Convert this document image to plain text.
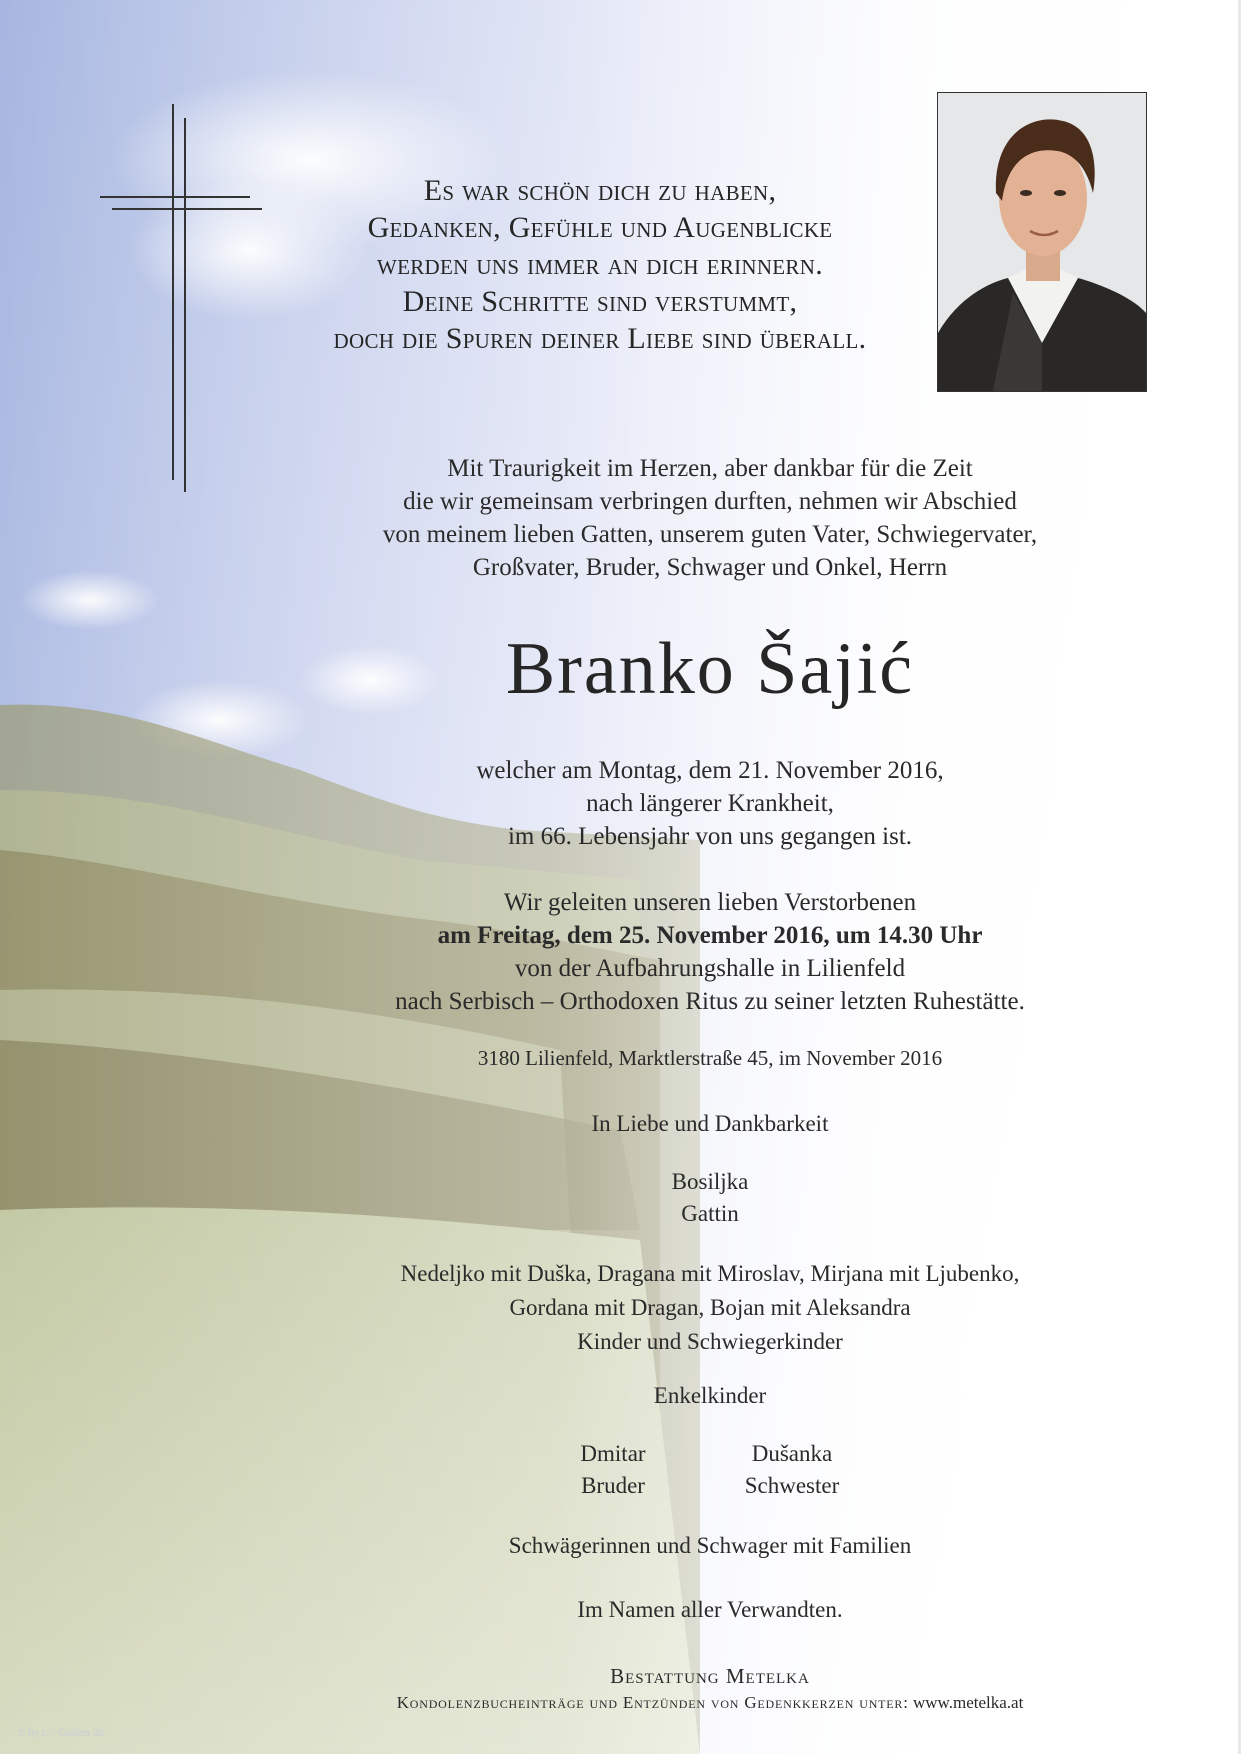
Es war schön dich zu haben,
Gedanken, Gefühle und Augenblicke
werden uns immer an dich erinnern.
Deine Schritte sind verstummt,
doch die Spuren deiner Liebe sind überall.
Mit Traurigkeit im Herzen, aber dankbar für die Zeit
die wir gemeinsam verbringen durften, nehmen wir Abschied
von meinem lieben Gatten, unserem guten Vater, Schwiegervater,
Großvater, Bruder, Schwager und Onkel, Herrn
Branko Šajić
welcher am Montag, dem 21. November 2016,
nach längerer Krankheit,
im 66. Lebensjahr von uns gegangen ist.
Wir geleiten unseren lieben Verstorbenen
am Freitag, dem 25. November 2016, um 14.30 Uhr
von der Aufbahrungshalle in Lilienfeld
nach Serbisch – Orthodoxen Ritus zu seiner letzten Ruhestätte.
3180 Lilienfeld, Marktlerstraße 45, im November 2016
In Liebe und Dankbarkeit
Bosiljka
Gattin
Nedeljko mit Duška, Dragana mit Miroslav, Mirjana mit Ljubenko,
Gordana mit Dragan, Bojan mit Aleksandra
Kinder und Schwiegerkinder
Enkelkinder
Dmitar
Bruder
Dušanka
Schwester
Schwägerinnen und Schwager mit Familien
Im Namen aller Verwandten.
Bestattung Metelka
Kondolenzbucheinträge und Entzünden von Gedenkkerzen unter: www.metelka.at
© by L. - Galilea 30
